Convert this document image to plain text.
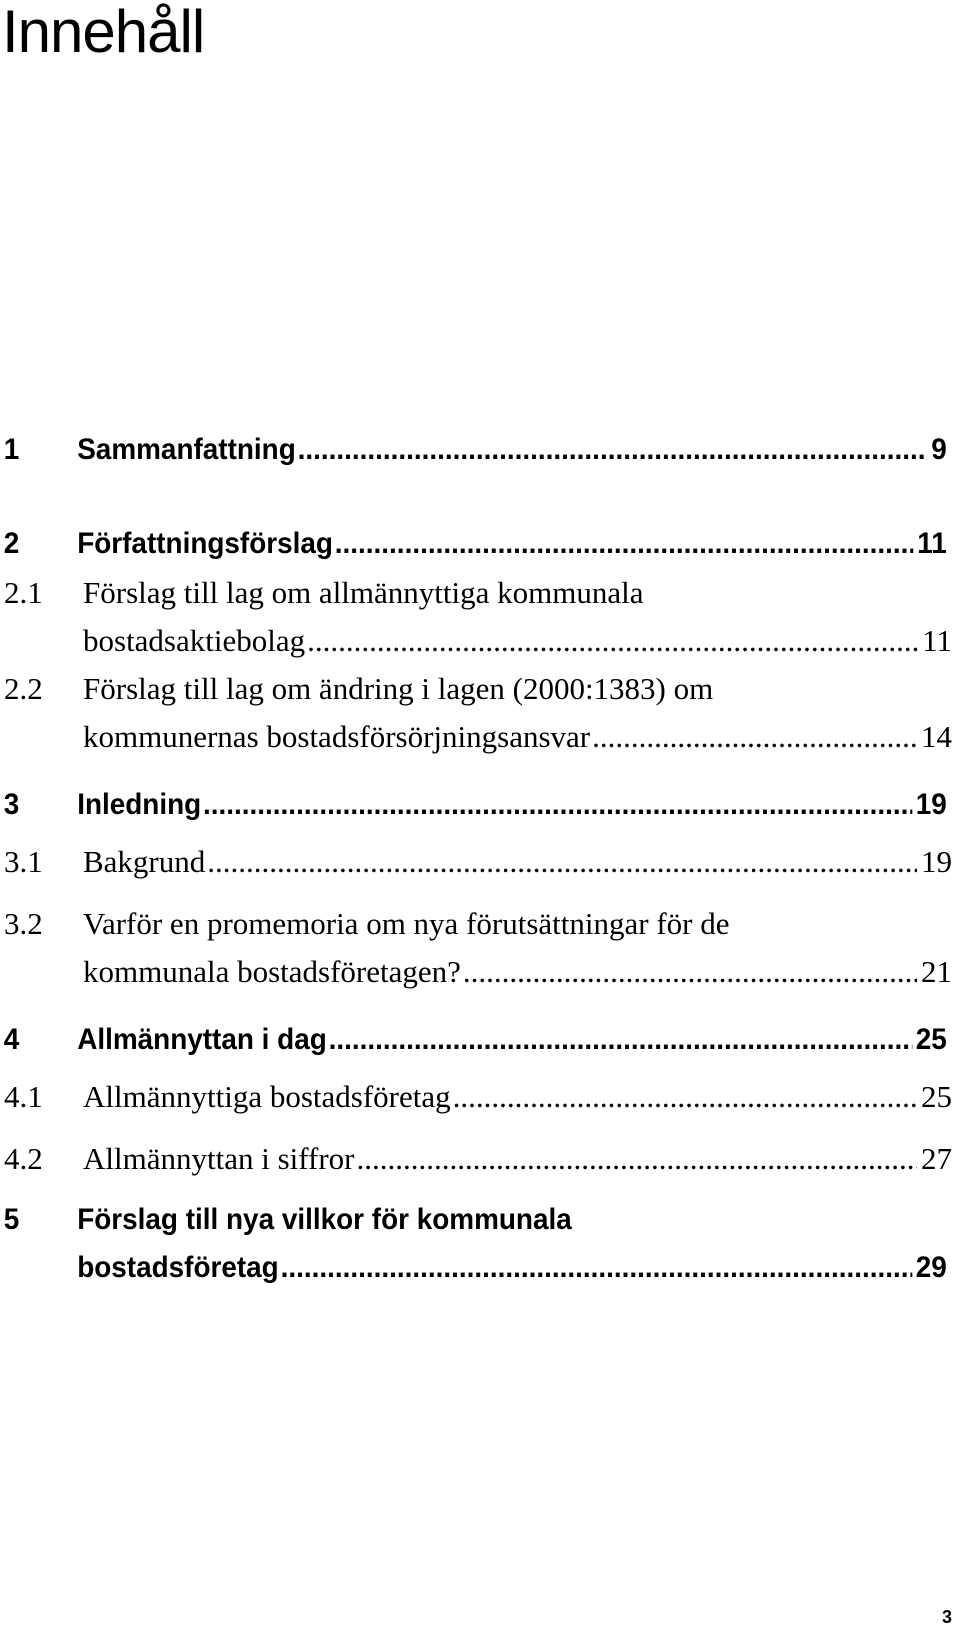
Innehåll
1 Sammanfattning .....	9
2 Författningsförslag .....	11
2.1 Förslag till lag om allmännyttiga kommunala
bostadsaktiebolag .....	11
2.2 Förslag till lag om ändring i lagen (2000:1383) om
kommunernas bostadsförsörjningsansvar .....	14
3 Inledning .....	19
3.1 Bakgrund .....	19
3.2 Varför en promemoria om nya förutsättningar för de
kommunala bostadsföretagen? .....	21
4 Allmännyttan i dag .....	25
4.1 Allmännyttiga bostadsföretag .....	25
4.2 Allmännyttan i siffror .....	27
5 Förslag till nya villkor för kommunala
bostadsföretag .....	29
3
